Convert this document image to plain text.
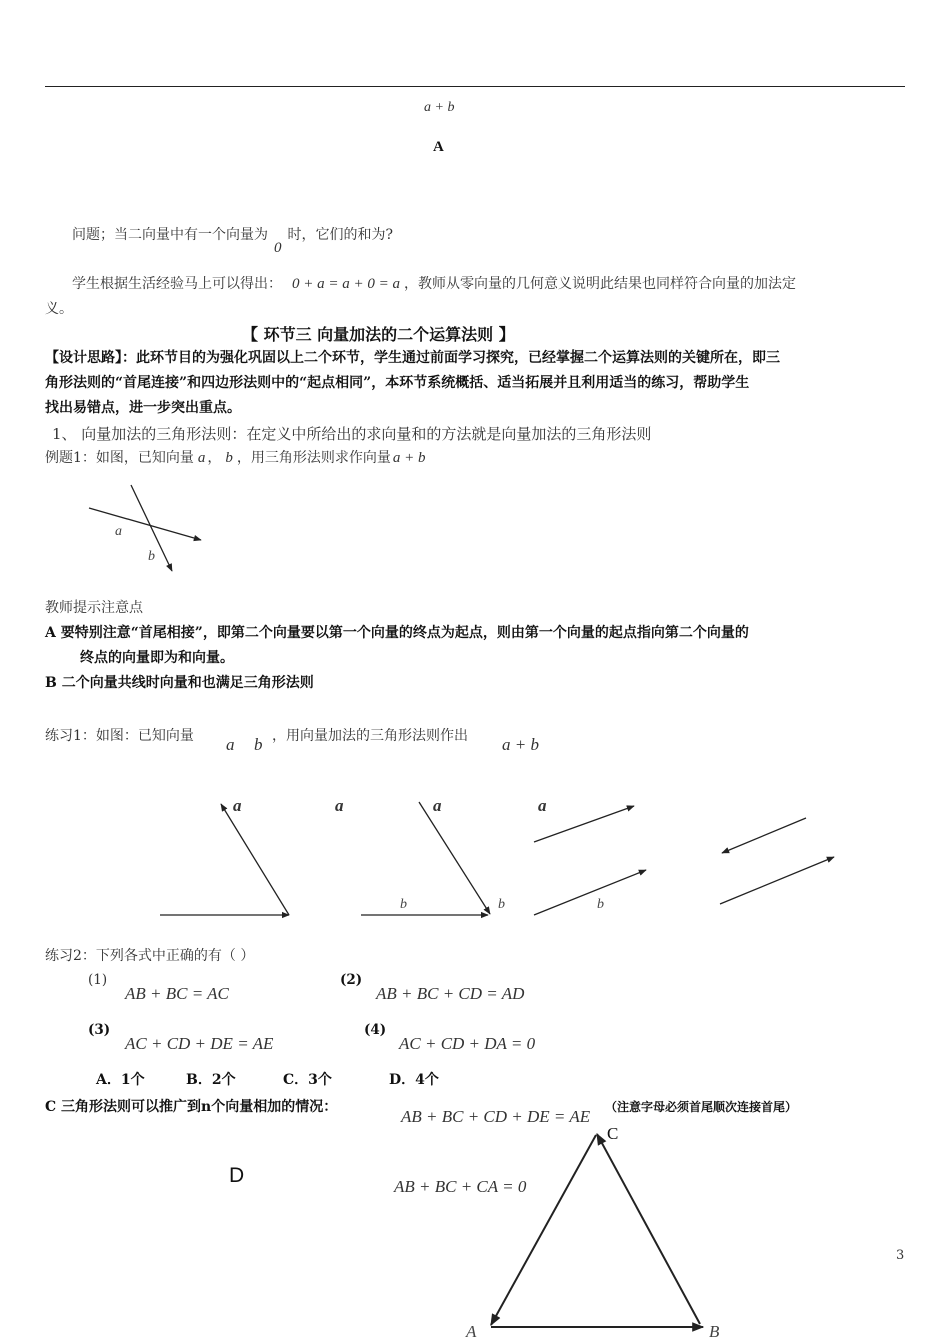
a + b
A
问题；当二向量中有一个向量为0时，它们的和为?
学生根据生活经验马上可以得出： 0 + a = a + 0 = a ，教师从零向量的几何意义说明此结果也同样符合向量的加法定
义。
【 环节三 向量加法的二个运算法则 】
【设计思路】：此环节目的为强化巩固以上二个环节，学生通过前面学习探究，已经掌握二个运算法则的关键所在，即三
角形法则的“首尾连接”和四边形法则中的“起点相同”，本环节系统概括、适当拓展并且利用适当的练习，帮助学生
找出易错点，进一步突出重点。
1、 向量加法的三角形法则：在定义中所给出的求向量和的方法就是向量加法的三角形法则
例题1：如图，已知向量 a ， b ，用三角形法则求作向量 a + b
a
b
教师提示注意点
A 要特别注意“首尾相接”，即第二个向量要以第一个向量的终点为起点，则由第一个向量的起点指向第二个向量的
终点的向量即为和向量。
B 二个向量共线时向量和也满足三角形法则
练习1：如图：已知向量 a b ，用向量加法的三角形法则作出 a + b
a	a	a	a
b	b	b
练习2：下列各式中正确的有（ ）
(1)
AB + BC = AC
(2)
AB + BC + CD = AD
(3)
AC + CD + DE = AE
(4)
AC + CD + DA = 0
A．1个	B．2个	C．3个	D．4个
C 三角形法则可以推广到n个向量相加的情况：	AB + BC + CD + DE = AE （注意字母必须首尾顺次连接首尾）
D	AB + BC + CA = 0
C
A	B
3
